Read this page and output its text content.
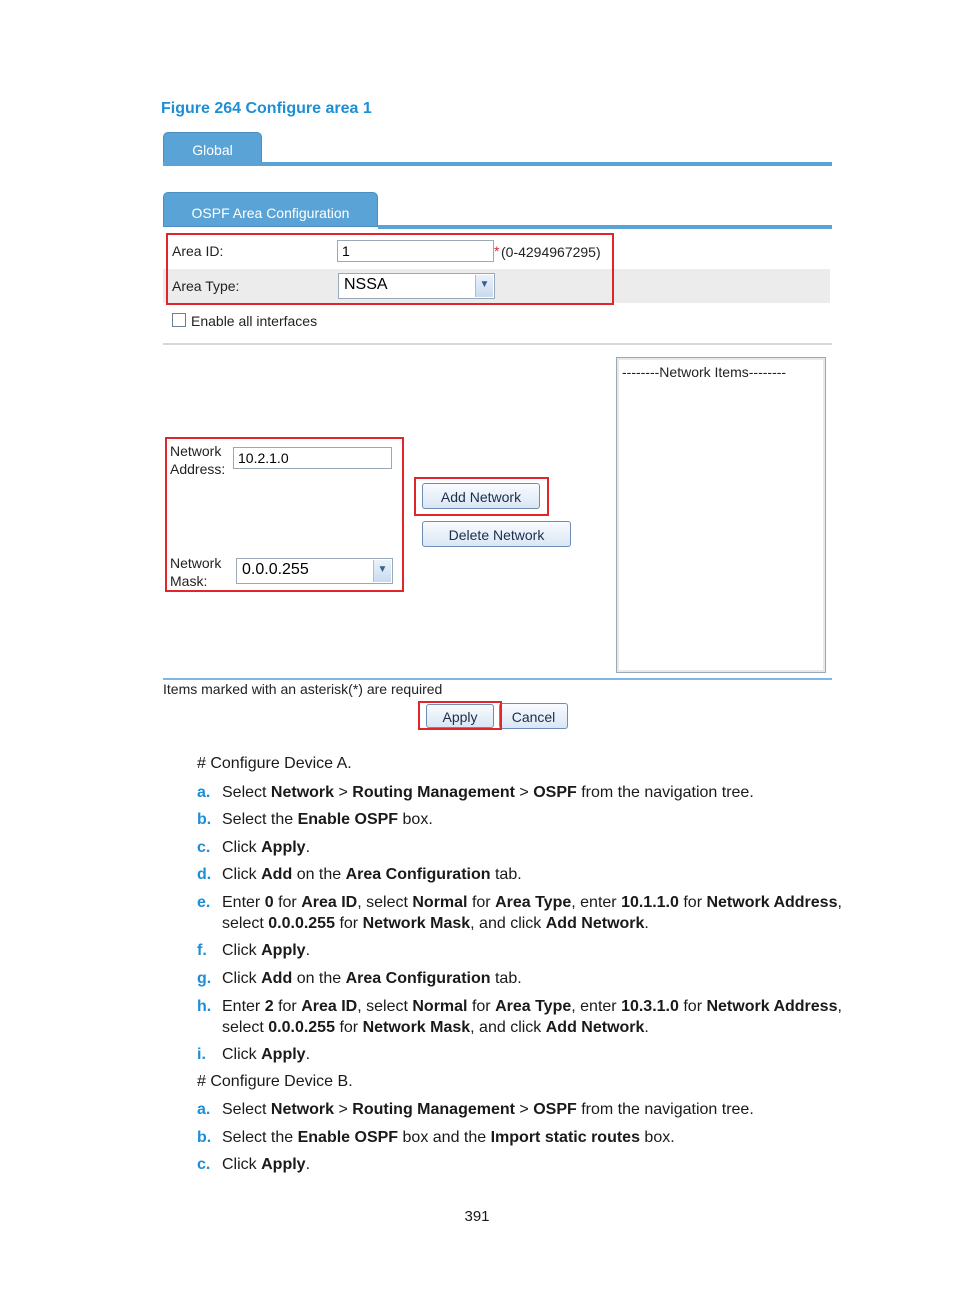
Figure 264 Configure area 1
Global
OSPF Area Configuration
Area ID:	1	* (0-4294967295)
Area Type:	NSSA	▼
Enable all interfaces
Network
Address:
10.2.1.0
Network
Mask:
0.0.0.255	▼
Add Network
Delete Network
--------Network Items--------
Items marked with an asterisk(*) are required
Apply	Cancel
# Configure Device A.
a. Select Network > Routing Management > OSPF from the navigation tree.
b. Select the Enable OSPF box.
c. Click Apply.
d. Click Add on the Area Configuration tab.
e. Enter 0 for Area ID, select Normal for Area Type, enter 10.1.1.0 for Network Address, select 0.0.0.255 for Network Mask, and click Add Network.
f. Click Apply.
g. Click Add on the Area Configuration tab.
h. Enter 2 for Area ID, select Normal for Area Type, enter 10.3.1.0 for Network Address, select 0.0.0.255 for Network Mask, and click Add Network.
i. Click Apply.
# Configure Device B.
a. Select Network > Routing Management > OSPF from the navigation tree.
b. Select the Enable OSPF box and the Import static routes box.
c. Click Apply.
391
